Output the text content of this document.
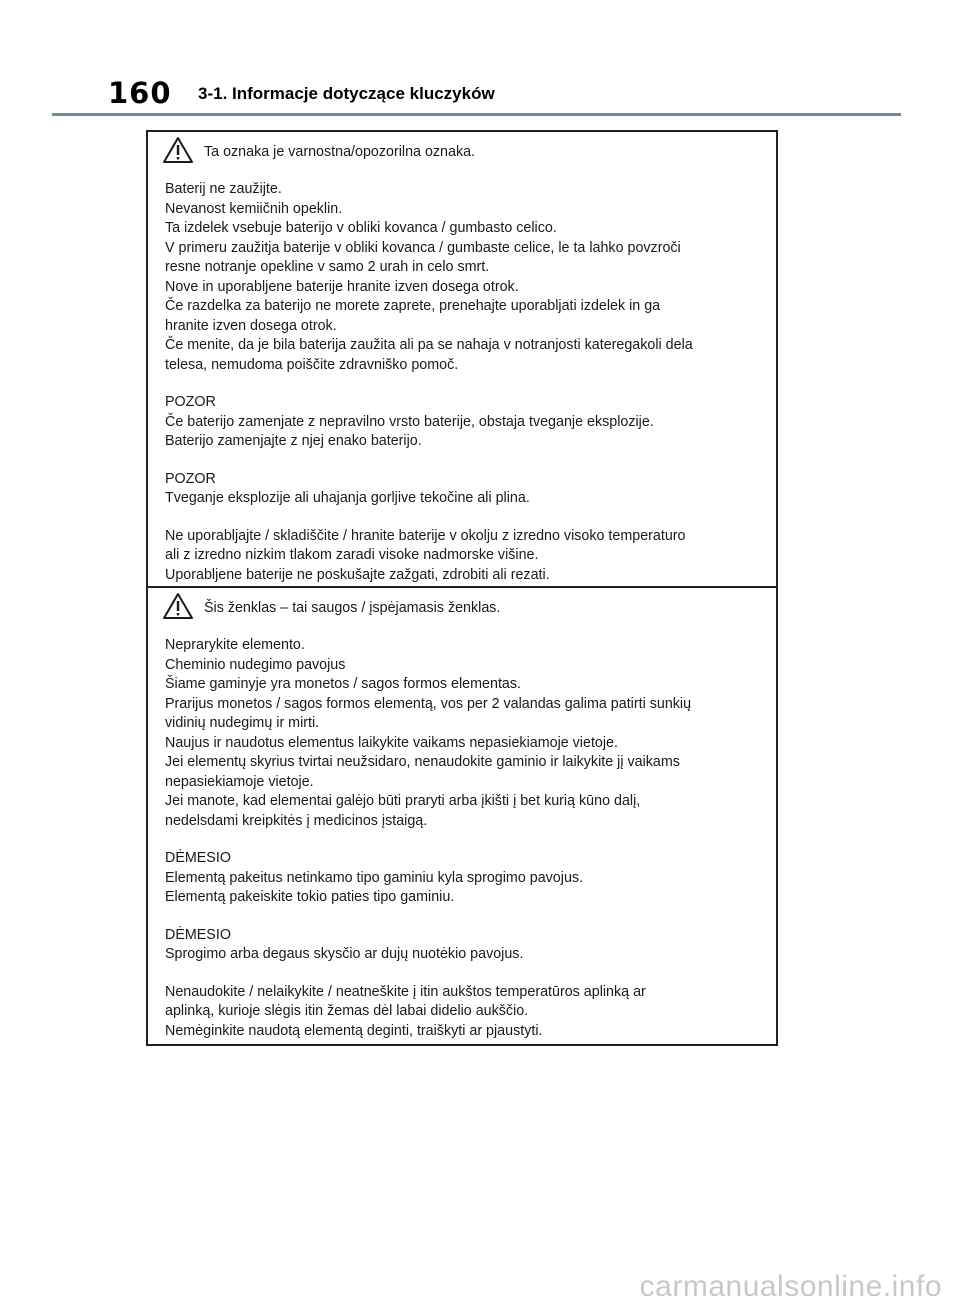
160 3-1. Informacje dotyczące kluczyków
Ta oznaka je varnostna/opozorilna oznaka.

Baterij ne zaužijte.

Nevanost kemiičnih opeklin.

Ta izdelek vsebuje baterijo v obliki kovanca / gumbasto celico.

V primeru zaužitja baterije v obliki kovanca / gumbaste celice, le ta lahko povzroči

resne notranje opekline v samo 2 urah in celo smrt.

Nove in uporabljene baterije hranite izven dosega otrok.

Če razdelka za baterijo ne morete zaprete, prenehajte uporabljati izdelek in ga

hranite izven dosega otrok.

Če menite, da je bila baterija zaužita ali pa se nahaja v notranjosti kateregakoli dela

telesa, nemudoma poiščite zdravniško pomoč.

POZOR

Če baterijo zamenjate z nepravilno vrsto baterije, obstaja tveganje eksplozije.

Baterijo zamenjajte z njej enako baterijo.

POZOR

Tveganje eksplozije ali uhajanja gorljive tekočine ali plina.

Ne uporabljajte / skladiščite / hranite baterije v okolju z izredno visoko temperaturo

ali z izredno nizkim tlakom zaradi visoke nadmorske višine.

Uporabljene baterije ne poskušajte zažgati, zdrobiti ali rezati.

Šis ženklas – tai saugos / įspėjamasis ženklas.

Neprarykite elemento.

Cheminio nudegimo pavojus

Šiame gaminyje yra monetos / sagos formos elementas.

Prarijus monetos / sagos formos elementą, vos per 2 valandas galima patirti sunkių

vidinių nudegimų ir mirti.

Naujus ir naudotus elementus laikykite vaikams nepasiekiamoje vietoje.

Jei elementų skyrius tvirtai neužsidaro, nenaudokite gaminio ir laikykite jį vaikams

nepasiekiamoje vietoje.

Jei manote, kad elementai galėjo būti praryti arba įkišti į bet kurią kūno dalį,

nedelsdami kreipkitės į medicinos įstaigą.

DĖMESIO

Elementą pakeitus netinkamo tipo gaminiu kyla sprogimo pavojus.

Elementą pakeiskite tokio paties tipo gaminiu.

DĖMESIO

Sprogimo arba degaus skysčio ar dujų nuotėkio pavojus.

Nenaudokite / nelaikykite / neatneškite į itin aukštos temperatūros aplinką ar

aplinką, kurioje slėgis itin žemas dėl labai didelio aukščio.

Nemėginkite naudotą elementą deginti, traiškyti ar pjaustyti.

carmanualsonline.info
